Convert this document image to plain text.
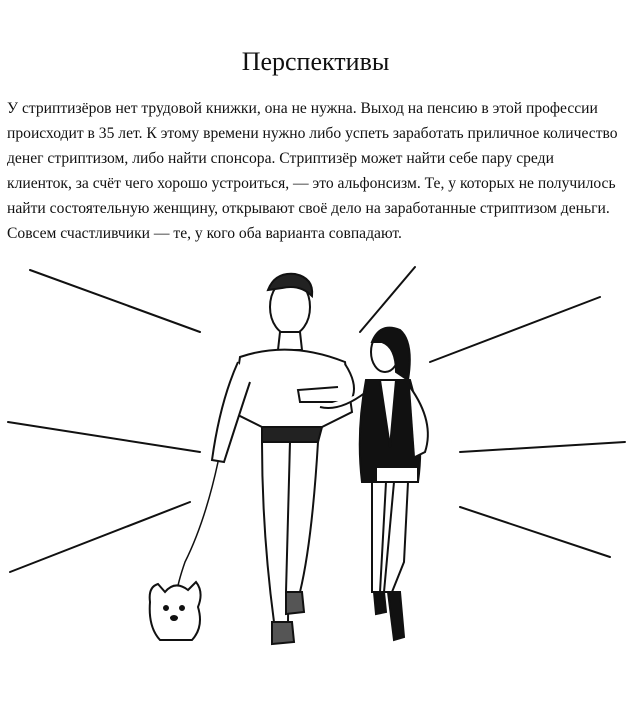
Перспективы

У стриптизёров нет трудовой книжки, она не нужна. Выход на пенсию в этой профессии происходит в 35 лет. К этому времени нужно либо успеть заработать приличное количество денег стриптизом, либо найти спонсора. Стриптизёр может найти себе пару среди клиенток, за счёт чего хорошо устроиться, — это альфонсизм. Те, у которых не получилось найти состоятельную женщину, открывают своё дело на заработанные стриптизом деньги. Совсем счастливчики — те, у кого оба варианта совпадают.
